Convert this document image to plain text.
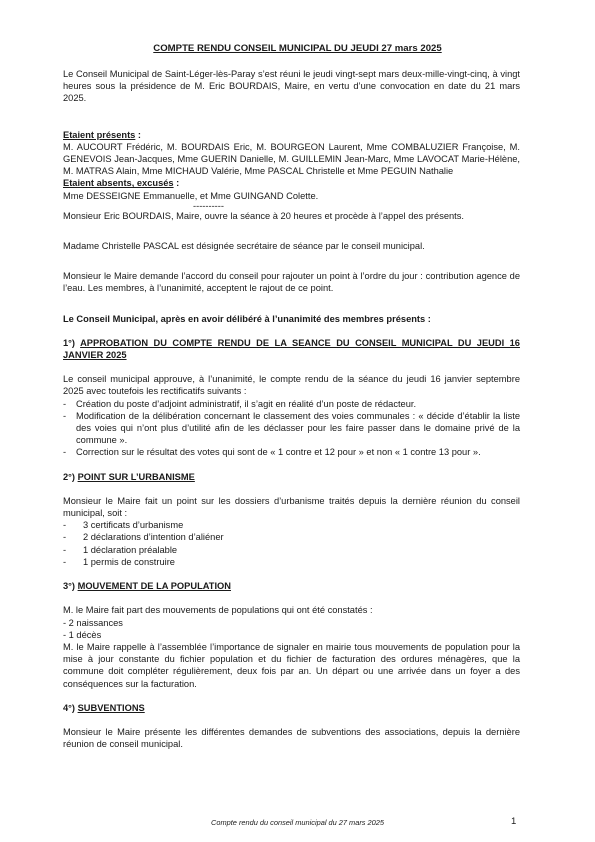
COMPTE RENDU CONSEIL MUNICIPAL DU JEUDI 27 mars 2025

Le Conseil Municipal de Saint-Léger-lès-Paray s’est réuni le jeudi vingt-sept mars deux-mille-vingt-cinq, à vingt heures sous la présidence de M. Eric BOURDAIS, Maire, en vertu d’une convocation en date du 21 mars 2025.

Etaient présents :

M. AUCOURT Frédéric, M. BOURDAIS Eric, M. BOURGEON Laurent, Mme COMBALUZIER Françoise, M. GENEVOIS Jean-Jacques, Mme GUERIN Danielle, M. GUILLEMIN Jean-Marc, Mme LAVOCAT Marie-Hélène, M. MATRAS Alain, Mme MICHAUD Valérie, Mme PASCAL Christelle et Mme PEGUIN Nathalie

Etaient absents, excusés :

Mme DESSEIGNE Emmanuelle, et Mme GUINGAND Colette.

----------

Monsieur Eric BOURDAIS, Maire, ouvre la séance à 20 heures et procède à l’appel des présents.

Madame Christelle PASCAL est désignée secrétaire de séance par le conseil municipal.

Monsieur le Maire demande l’accord du conseil pour rajouter un point à l’ordre du jour : contribution agence de l’eau. Les membres, à l’unanimité, acceptent le rajout de ce point.

Le Conseil Municipal, après en avoir délibéré à l’unanimité des membres présents :

1°) APPROBATION DU COMPTE RENDU DE LA SEANCE DU CONSEIL MUNICIPAL DU JEUDI 16 JANVIER 2025

Le conseil municipal approuve, à l’unanimité, le compte rendu de la séance du jeudi 16 janvier septembre 2025 avec toutefois les rectificatifs suivants :

- Création du poste d’adjoint administratif, il s’agit en réalité d’un poste de rédacteur.
- Modification de la délibération concernant le classement des voies communales : « décide d’établir la liste des voies qui n’ont plus d’utilité afin de les déclasser pour les faire passer dans le domaine privé de la commune ».
- Correction sur le résultat des votes qui sont de « 1 contre et 12 pour » et non « 1 contre 13 pour ».

2°) POINT SUR L’URBANISME

Monsieur le Maire fait un point sur les dossiers d’urbanisme traités depuis la dernière réunion du conseil municipal, soit :

- 3 certificats d’urbanisme
- 2 déclarations d’intention d’aliéner
- 1 déclaration préalable
- 1 permis de construire

3°) MOUVEMENT DE LA POPULATION

M. le Maire fait part des mouvements de populations qui ont été constatés :

- 2 naissances
- 1 décès

M. le Maire rappelle à l’assemblée l’importance de signaler en mairie tous mouvements de population pour la mise à jour constante du fichier population et du fichier de facturation des ordures ménagères, que la commune doit compléter régulièrement, deux fois par an. Un départ ou une arrivée dans un foyer a des conséquences sur la facturation.

4°) SUBVENTIONS

Monsieur le Maire présente les différentes demandes de subventions des associations, depuis la dernière réunion de conseil municipal.

Compte rendu du conseil municipal du 27 mars 2025	1
